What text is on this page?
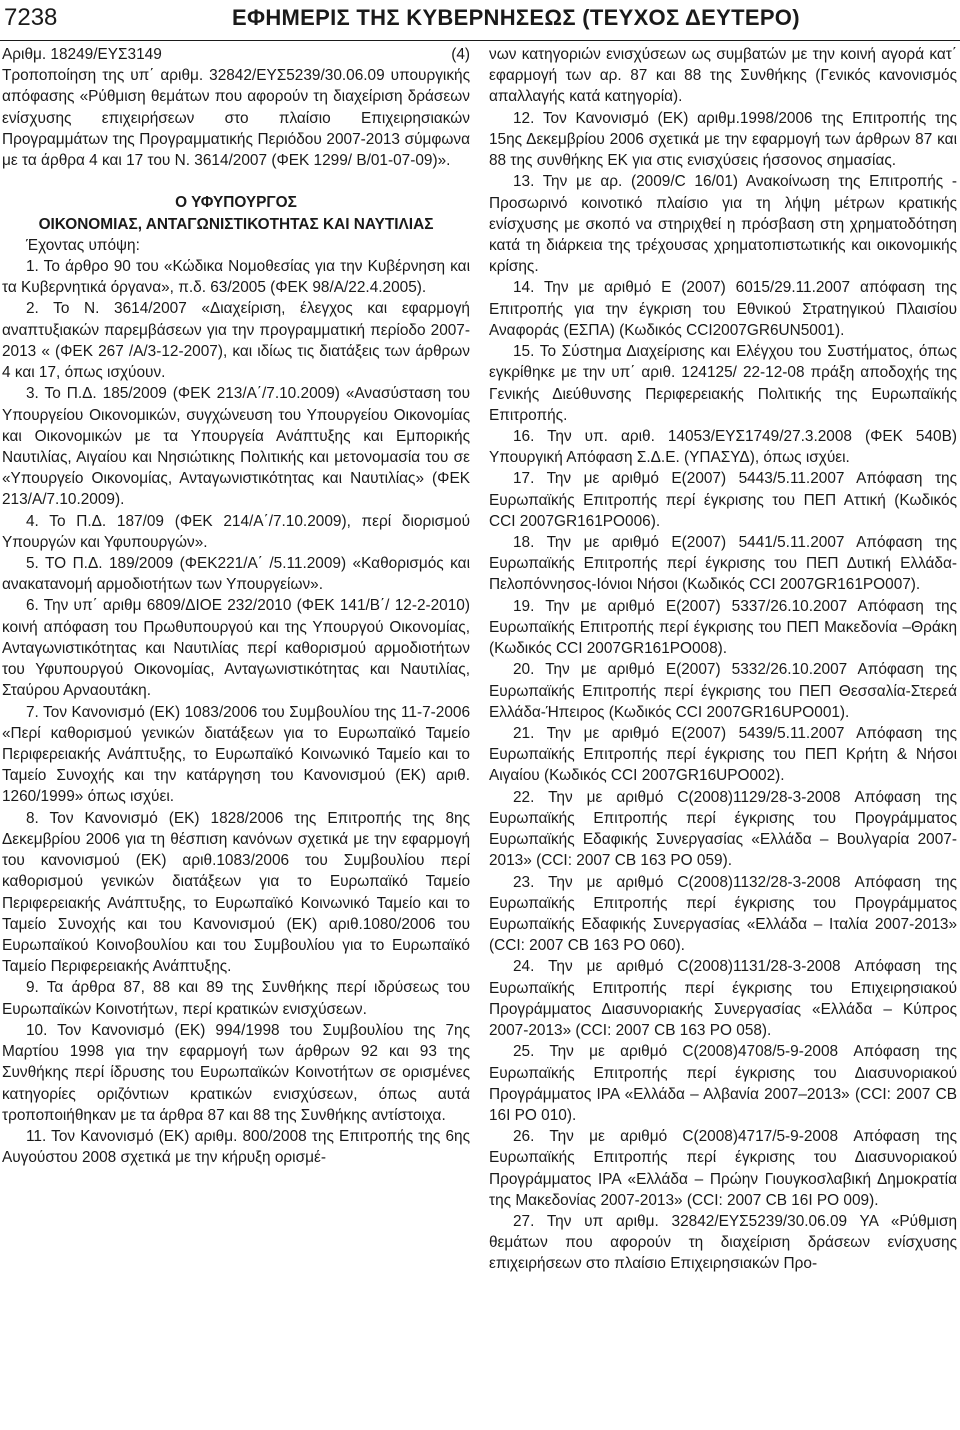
7238	ΕΦΗΜΕΡΙΣ ΤΗΣ ΚΥΒΕΡΝΗΣΕΩΣ (ΤΕΥΧΟΣ ΔΕΥΤΕΡΟ)
Αριθμ. 18249/ΕΥΣ3149	(4)

Τροποποίηση της υπ΄ αριθμ. 32842/ΕΥΣ5239/30.06.09 υπουργικής απόφασης «Ρύθμιση θεμάτων που αφορούν τη διαχείριση δράσεων ενίσχυσης επιχειρήσεων στο πλαίσιο Επιχειρησιακών Προγραμμάτων της Προγραμματικής Περιόδου 2007-2013 σύμφωνα με τα άρθρα 4 και 17 του Ν. 3614/2007 (ΦΕΚ 1299/ Β/01-07-09)».

Ο ΥΦΥΠΟΥΡΓΟΣ

ΟΙΚΟΝΟΜΙΑΣ, ΑΝΤΑΓΩΝΙΣΤΙΚΟΤΗΤΑΣ ΚΑΙ ΝΑΥΤΙΛΙΑΣ

Έχοντας υπόψη:

1. Το άρθρο 90 του «Κώδικα Νομοθεσίας για την Κυβέρνηση και τα Κυβερνητικά όργανα», π.δ. 63/2005 (ΦΕΚ 98/Α/22.4.2005).

2. Το Ν. 3614/2007 «Διαχείριση, έλεγχος και εφαρμογή αναπτυξιακών παρεμβάσεων για την προγραμματική περίοδο 2007-2013 « (ΦΕΚ 267 /Α/3-12-2007), και ιδίως τις διατάξεις των άρθρων 4 και 17, όπως ισχύουν.

3. Το Π.Δ. 185/2009 (ΦΕΚ 213/Α΄/7.10.2009) «Ανασύσταση του Υπουργείου Οικονομικών, συγχώνευση του Υπουργείου Οικονομίας και Οικονομικών με τα Υπουργεία Ανάπτυξης και Εμπορικής Ναυτιλίας, Αιγαίου και Νησιώτικης Πολιτικής και μετονομασία του σε «Υπουργείο Οικονομίας, Ανταγωνιστικότητας και Ναυτιλίας» (ΦΕΚ 213/Α/7.10.2009).

4. Το Π.Δ. 187/09 (ΦΕΚ 214/Α΄/7.10.2009), περί διορισμού Υπουργών και Υφυπουργών».

5. ΤΟ Π.Δ. 189/2009 (ΦΕΚ221/Α΄ /5.11.2009) «Καθορισμός και ανακατανομή αρμοδιοτήτων των Υπουργείων».

6. Την υπ΄ αριθμ 6809/ΔΙΟΕ 232/2010 (ΦΕΚ 141/Β΄/ 12-2-2010) κοινή απόφαση του Πρωθυπουργού και της Υπουργού Οικονομίας, Ανταγωνιστικότητας και Ναυτιλίας περί καθορισμού αρμοδιοτήτων του Υφυπουργού Οικονομίας, Ανταγωνιστικότητας και Ναυτιλίας, Σταύρου Αρναουτάκη.

7. Τον Κανονισμό (ΕΚ) 1083/2006 του Συμβουλίου της 11-7-2006 «Περί καθορισμού γενικών διατάξεων για το Ευρωπαϊκό Ταμείο Περιφερειακής Ανάπτυξης, το Ευρωπαϊκό Κοινωνικό Ταμείο και το Ταμείο Συνοχής και την κατάργηση του Κανονισμού (ΕΚ) αριθ. 1260/1999» όπως ισχύει.

8. Τον Κανονισμό (ΕΚ) 1828/2006 της Επιτροπής της 8ης Δεκεμβρίου 2006 για τη θέσπιση κανόνων σχετικά με την εφαρμογή του κανονισμού (ΕΚ) αριθ.1083/2006 του Συμβουλίου περί καθορισμού γενικών διατάξεων για το Ευρωπαϊκό Ταμείο Περιφερειακής Ανάπτυξης, το Ευρωπαϊκό Κοινωνικό Ταμείο και το Ταμείο Συνοχής και του Κανονισμού (ΕΚ) αριθ.1080/2006 του Ευρωπαϊκού Κοινοβουλίου και του Συμβουλίου για το Ευρωπαϊκό Ταμείο Περιφερειακής Ανάπτυξης.

9. Τα άρθρα 87, 88 και 89 της Συνθήκης περί ιδρύσεως του Ευρωπαϊκών Κοινοτήτων, περί κρατικών ενισχύσεων.

10. Τον Κανονισμό (ΕΚ) 994/1998 του Συμβουλίου της 7ης Μαρτίου 1998 για την εφαρμογή των άρθρων 92 και 93 της Συνθήκης περί ίδρυσης του Ευρωπαϊκών Κοινοτήτων σε ορισμένες κατηγορίες οριζόντιων κρατικών ενισχύσεων, όπως αυτά τροποποιήθηκαν με τα άρθρα 87 και 88 της Συνθήκης αντίστοιχα.

11. Τον Κανονισμό (ΕΚ) αριθμ. 800/2008 της Επιτροπής της 6ης Αυγούστου 2008 σχετικά με την κήρυξη ορισμέ-

νων κατηγοριών ενισχύσεων ως συμβατών με την κοινή αγορά κατ΄ εφαρμογή των αρ. 87 και 88 της Συνθήκης (Γενικός κανονισμός απαλλαγής κατά κατηγορία).

12. Τον Κανονισμό (ΕΚ) αριθμ.1998/2006 της Επιτροπής της 15ης Δεκεμβρίου 2006 σχετικά με την εφαρμογή των άρθρων 87 και 88 της συνθήκης ΕΚ για στις ενισχύσεις ήσσονος σημασίας.

13. Την με αρ. (2009/C 16/01) Ανακοίνωση της Επιτροπής - Προσωρινό κοινοτικό πλαίσιο για τη λήψη μέτρων κρατικής ενίσχυσης με σκοπό να στηριχθεί η πρόσβαση στη χρηματοδότηση κατά τη διάρκεια της τρέχουσας χρηματοπιστωτικής και οικονομικής κρίσης.

14. Την με αριθμό Ε (2007) 6015/29.11.2007 απόφαση της Επιτροπής για την έγκριση του Εθνικού Στρατηγικού Πλαισίου Αναφοράς (ΕΣΠΑ) (Κωδικός CCI2007GR6UN5001).

15. Το Σύστημα Διαχείρισης και Ελέγχου του Συστήματος, όπως εγκρίθηκε με την υπ΄ αριθ. 124125/ 22-12-08 πράξη αποδοχής της Γενικής Διεύθυνσης Περιφερειακής Πολιτικής της Ευρωπαϊκής Επιτροπής.

16. Την υπ. αριθ. 14053/ΕΥΣ1749/27.3.2008 (ΦΕΚ 540Β) Υπουργική Απόφαση Σ.Δ.Ε. (ΥΠΑΣΥΔ), όπως ισχύει.

17. Την με αριθμό Ε(2007) 5443/5.11.2007 Απόφαση της Ευρωπαϊκής Επιτροπής περί έγκρισης του ΠΕΠ Αττική (Κωδικός CCI 2007GR161PO006).

18. Την με αριθμό Ε(2007) 5441/5.11.2007 Απόφαση της Ευρωπαϊκής Επιτροπής περί έγκρισης του ΠΕΠ Δυτική Ελλάδα-Πελοπόννησος-Ιόνιοι Νήσοι (Κωδικός CCI 2007GR161PO007).

19. Την με αριθμό Ε(2007) 5337/26.10.2007 Απόφαση της Ευρωπαϊκής Επιτροπής περί έγκρισης του ΠΕΠ Μακεδονία –Θράκη (Κωδικός CCI 2007GR161PO008).

20. Την με αριθμό Ε(2007) 5332/26.10.2007 Απόφαση της Ευρωπαϊκής Επιτροπής περί έγκρισης του ΠΕΠ Θεσσαλία-Στερεά Ελλάδα-Ήπειρος (Κωδικός CCI 2007GR16UPO001).

21. Την με αριθμό Ε(2007) 5439/5.11.2007 Απόφαση της Ευρωπαϊκής Επιτροπής περί έγκρισης του ΠΕΠ Κρήτη & Νήσοι Αιγαίου (Κωδικός CCI 2007GR16UPO002).

22. Την με αριθμό C(2008)1129/28-3-2008 Απόφαση της Ευρωπαϊκής Επιτροπής περί έγκρισης του Προγράμματος Ευρωπαϊκής Εδαφικής Συνεργασίας «Ελλάδα – Βουλγαρία 2007-2013» (CCI: 2007 CB 163 PO 059).

23. Την με αριθμό C(2008)1132/28-3-2008 Απόφαση της Ευρωπαϊκής Επιτροπής περί έγκρισης του Προγράμματος Ευρωπαϊκής Εδαφικής Συνεργασίας «Ελλάδα – Ιταλία 2007-2013» (CCI: 2007 CB 163 PO 060).

24. Την με αριθμό C(2008)1131/28-3-2008 Απόφαση της Ευρωπαϊκής Επιτροπής περί έγκρισης του Επιχειρησιακού Προγράμματος Διασυνοριακής Συνεργασίας «Ελλάδα – Κύπρος 2007-2013» (CCI: 2007 CB 163 PO 058).

25. Την με αριθμό C(2008)4708/5-9-2008 Απόφαση της Ευρωπαϊκής Επιτροπής περί έγκρισης του Διασυνοριακού Προγράμματος IPA «Ελλάδα – Αλβανία 2007–2013» (CCI: 2007 CB 16I PO 010).

26. Την με αριθμό C(2008)4717/5-9-2008 Απόφαση της Ευρωπαϊκής Επιτροπής περί έγκρισης του Διασυνοριακού Προγράμματος IPA «Ελλάδα – Πρώην Γιουγκοσλαβική Δημοκρατία της Μακεδονίας 2007-2013» (CCI: 2007 CB 16I PO 009).

27. Την υπ αριθμ. 32842/ΕΥΣ5239/30.06.09 ΥΑ «Ρύθμιση θεμάτων που αφορούν τη διαχείριση δράσεων ενίσχυσης επιχειρήσεων στο πλαίσιο Επιχειρησιακών Προ-
